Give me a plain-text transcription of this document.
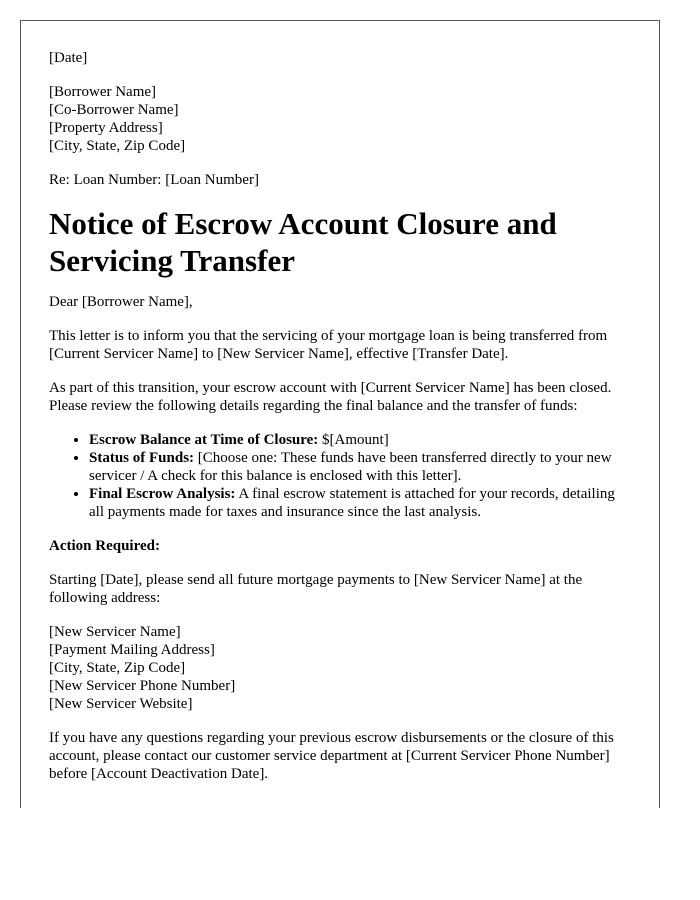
[Date]

[Borrower Name]
[Co-Borrower Name]
[Property Address]
[City, State, Zip Code]

Re: Loan Number: [Loan Number]

Notice of Escrow Account Closure and Servicing Transfer

Dear [Borrower Name],

This letter is to inform you that the servicing of your mortgage loan is being transferred from [Current Servicer Name] to [New Servicer Name], effective [Transfer Date].

As part of this transition, your escrow account with [Current Servicer Name] has been closed. Please review the following details regarding the final balance and the transfer of funds:

• Escrow Balance at Time of Closure: $[Amount]
• Status of Funds: [Choose one: These funds have been transferred directly to your new servicer / A check for this balance is enclosed with this letter].
• Final Escrow Analysis: A final escrow statement is attached for your records, detailing all payments made for taxes and insurance since the last analysis.

Action Required:

Starting [Date], please send all future mortgage payments to [New Servicer Name] at the following address:

[New Servicer Name]
[Payment Mailing Address]
[City, State, Zip Code]
[New Servicer Phone Number]
[New Servicer Website]

If you have any questions regarding your previous escrow disbursements or the closure of this account, please contact our customer service department at [Current Servicer Phone Number] before [Account Deactivation Date].
